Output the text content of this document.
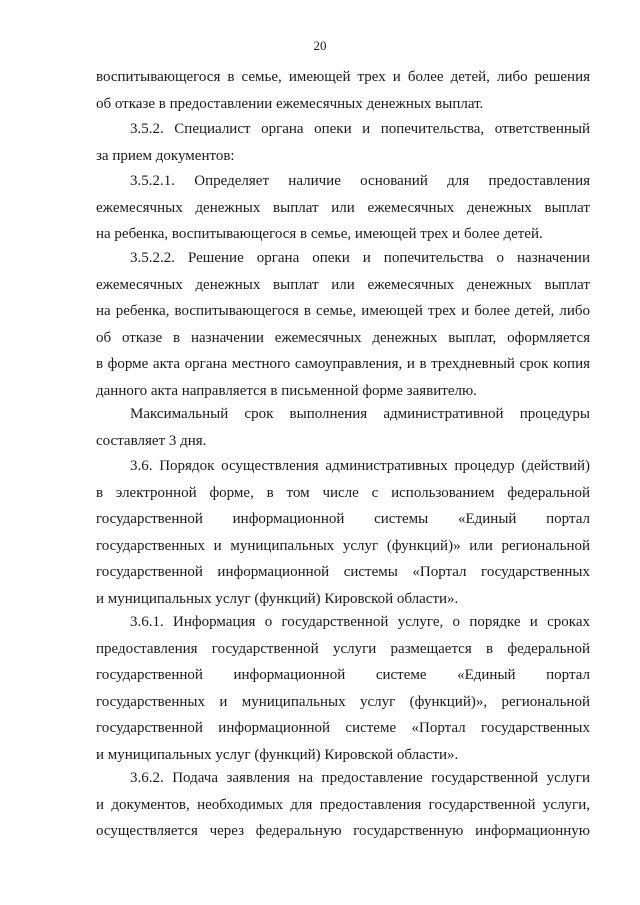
20
воспитывающегося в семье, имеющей трех и более детей, либо решения
об отказе в предоставлении ежемесячных денежных выплат.
3.5.2. Специалист органа опеки и попечительства, ответственный
за прием документов:
3.5.2.1. Определяет наличие оснований для предоставления
ежемесячных денежных выплат или ежемесячных денежных выплат
на ребенка, воспитывающегося в семье, имеющей трех и более детей.
3.5.2.2. Решение органа опеки и попечительства о назначении
ежемесячных денежных выплат или ежемесячных денежных выплат
на ребенка, воспитывающегося в семье, имеющей трех и более детей, либо
об отказе в назначении ежемесячных денежных выплат, оформляется
в форме акта органа местного самоуправления, и в трехдневный срок копия
данного акта направляется в письменной форме заявителю.
Максимальный срок выполнения административной процедуры
составляет 3 дня.
3.6. Порядок осуществления административных процедур (действий)
в электронной форме, в том числе с использованием федеральной
государственной информационной системы «Единый портал
государственных и муниципальных услуг (функций)» или региональной
государственной информационной системы «Портал государственных
и муниципальных услуг (функций) Кировской области».
3.6.1. Информация о государственной услуге, о порядке и сроках
предоставления государственной услуги размещается в федеральной
государственной информационной системе «Единый портал
государственных и муниципальных услуг (функций)», региональной
государственной информационной системе «Портал государственных
и муниципальных услуг (функций) Кировской области».
3.6.2. Подача заявления на предоставление государственной услуги
и документов, необходимых для предоставления государственной услуги,
осуществляется через федеральную государственную информационную
